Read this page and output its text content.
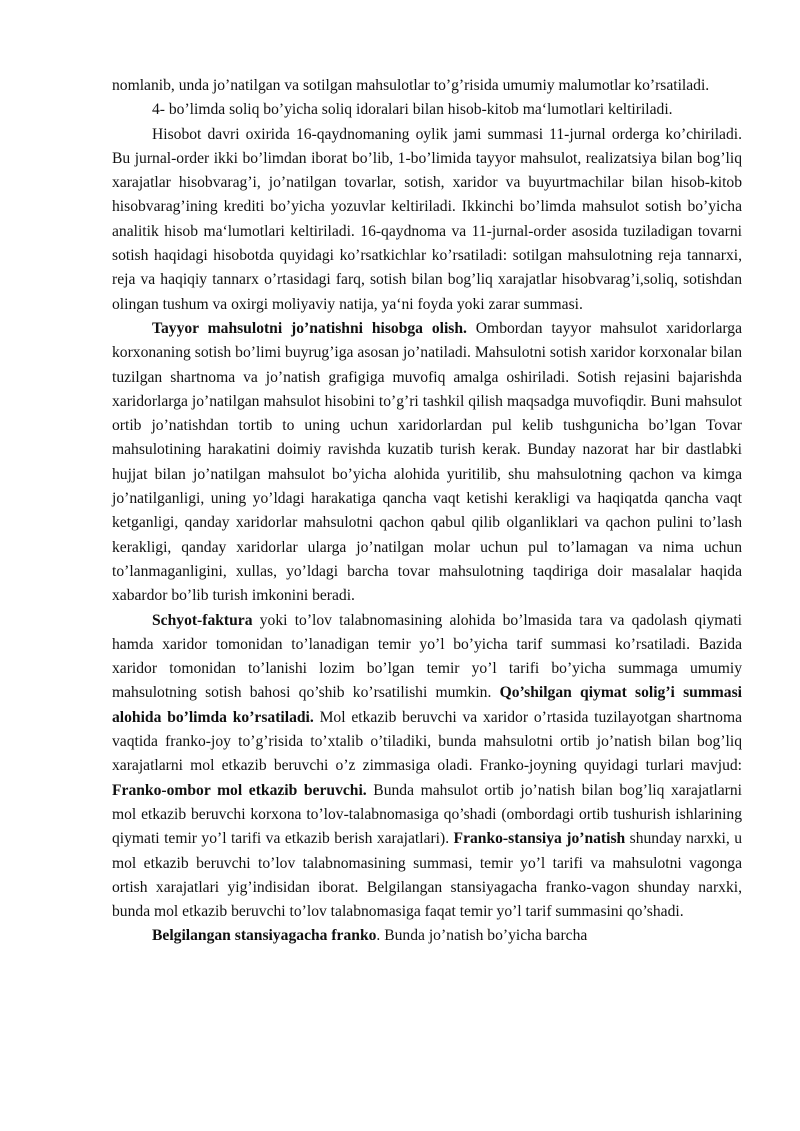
nomlanib, unda jo’natilgan va sotilgan mahsulotlar to’g’risida umumiy malumotlar ko’rsatiladi.

4- bo’limda soliq bo’yicha soliq idoralari bilan hisob-kitob ma‘lumotlari keltiriladi.

Hisobot davri oxirida 16-qaydnomaning oylik jami summasi 11-jurnal orderga ko’chiriladi. Bu jurnal-order ikki bo’limdan iborat bo’lib, 1-bo’limida tayyor mahsulot, realizatsiya bilan bog’liq xarajatlar hisobvarag’i, jo’natilgan tovarlar, sotish, xaridor va buyurtmachilar bilan hisob-kitob hisobvarag’ining krediti bo’yicha yozuvlar keltiriladi. Ikkinchi bo’limda mahsulot sotish bo’yicha analitik hisob ma‘lumotlari keltiriladi. 16-qaydnoma va 11-jurnal-order asosida tuziladigan tovarni sotish haqidagi hisobotda quyidagi ko’rsatkichlar ko’rsatiladi: sotilgan mahsulotning reja tannarxi, reja va haqiqiy tannarx o’rtasidagi farq, sotish bilan bog’liq xarajatlar hisobvarag’i,soliq, sotishdan olingan tushum va oxirgi moliyaviy natija, ya‘ni foyda yoki zarar summasi.

Tayyor mahsulotni jo’natishni hisobga olish. Ombordan tayyor mahsulot xaridorlarga korxonaning sotish bo’limi buyrug’iga asosan jo’natiladi. Mahsulotni sotish xaridor korxonalar bilan tuzilgan shartnoma va jo’natish grafigiga muvofiq amalga oshiriladi. Sotish rejasini bajarishda xaridorlarga jo’natilgan mahsulot hisobini to’g’ri tashkil qilish maqsadga muvofiqdir. Buni mahsulot ortib jo’natishdan tortib to uning uchun xaridorlardan pul kelib tushgunicha bo’lgan Tovar mahsulotining harakatini doimiy ravishda kuzatib turish kerak. Bunday nazorat har bir dastlabki hujjat bilan jo’natilgan mahsulot bo’yicha alohida yuritilib, shu mahsulotning qachon va kimga jo’natilganligi, uning yo’ldagi harakatiga qancha vaqt ketishi kerakligi va haqiqatda qancha vaqt ketganligi, qanday xaridorlar mahsulotni qachon qabul qilib olganliklari va qachon pulini to’lash kerakligi, qanday xaridorlar ularga jo’natilgan molar uchun pul to’lamagan va nima uchun to’lanmaganligini, xullas, yo’ldagi barcha tovar mahsulotning taqdiriga doir masalalar haqida xabardor bo’lib turish imkonini beradi.

Schyot-faktura yoki to’lov talabnomasining alohida bo’lmasida tara va qadolash qiymati hamda xaridor tomonidan to’lanadigan temir yo’l bo’yicha tarif summasi ko’rsatiladi. Bazida xaridor tomonidan to’lanishi lozim bo’lgan temir yo’l tarifi bo’yicha summaga umumiy mahsulotning sotish bahosi qo’shib ko’rsatilishi mumkin. Qo’shilgan qiymat solig’i summasi alohida bo’limda ko’rsatiladi. Mol etkazib beruvchi va xaridor o’rtasida tuzilayotgan shartnoma vaqtida franko-joy to’g’risida to’xtalib o’tiladiki, bunda mahsulotni ortib jo’natish bilan bog’liq xarajatlarni mol etkazib beruvchi o’z zimmasiga oladi. Franko-joyning quyidagi turlari mavjud: Franko-ombor mol etkazib beruvchi. Bunda mahsulot ortib jo’natish bilan bog’liq xarajatlarni mol etkazib beruvchi korxona to’lov-talabnomasiga qo’shadi (ombordagi ortib tushurish ishlarining qiymati temir yo’l tarifi va etkazib berish xarajatlari). Franko-stansiya jo’natish shunday narxki, u mol etkazib beruvchi to’lov talabnomasining summasi, temir yo’l tarifi va mahsulotni vagonga ortish xarajatlari yig’indisidan iborat. Belgilangan stansiyagacha franko-vagon shunday narxki, bunda mol etkazib beruvchi to’lov talabnomasiga faqat temir yo’l tarif summasini qo’shadi.

Belgilangan stansiyagacha franko. Bunda jo’natish bo’yicha barcha
